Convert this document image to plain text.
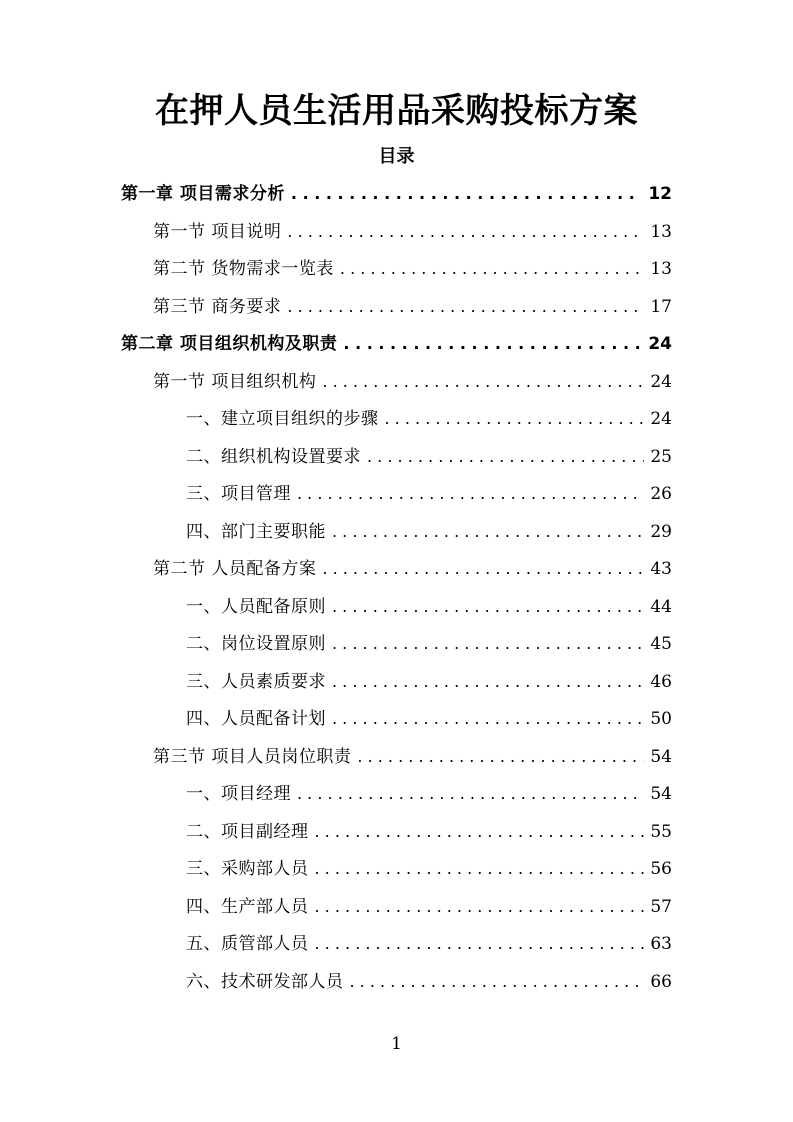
在押人员生活用品采购投标方案
目录
第一章 项目需求分析 . . .	12
第一节 项目说明 . . .	13
第二节 货物需求一览表 . . .	13
第三节 商务要求 . . .	17
第二章 项目组织机构及职责 . . .	24
第一节 项目组织机构 . . .	24
一、建立项目组织的步骤 . . .	24
二、组织机构设置要求 . . .	25
三、项目管理 . . .	26
四、部门主要职能 . . .	29
第二节 人员配备方案 . . .	43
一、人员配备原则 . . .	44
二、岗位设置原则 . . .	45
三、人员素质要求 . . .	46
四、人员配备计划 . . .	50
第三节 项目人员岗位职责 . . .	54
一、项目经理 . . .	54
二、项目副经理 . . .	55
三、采购部人员 . . .	56
四、生产部人员 . . .	57
五、质管部人员 . . .	63
六、技术研发部人员 . . .	66
1
